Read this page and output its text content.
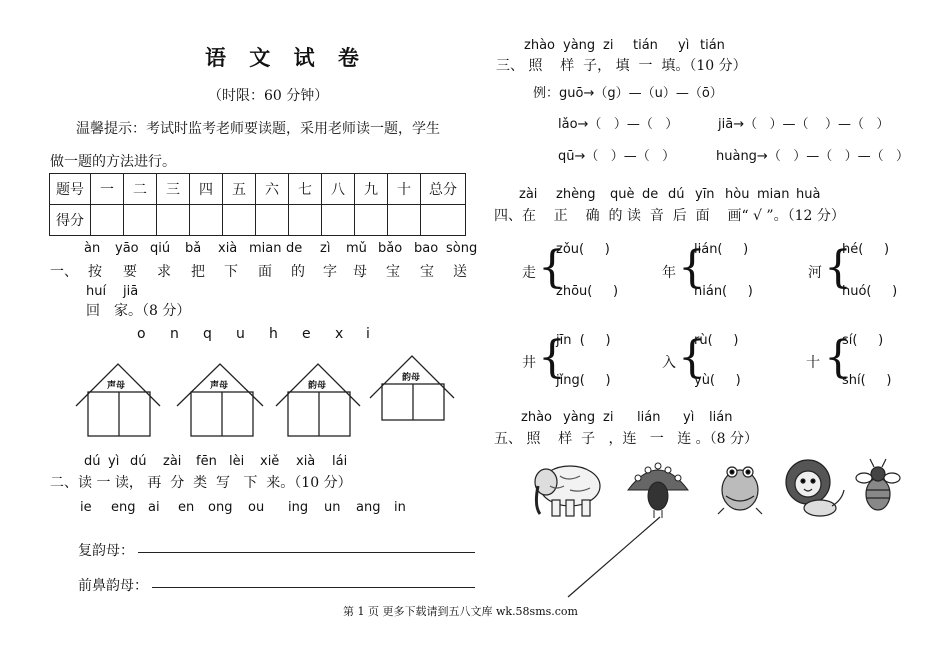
语 文 试 卷
（时限：60 分钟）
温馨提示：考试时监考老师要读题，采用老师读一题，学生
做一题的方法进行。
题号	一	二	三	四	五	六	七	八	九	十	总分
得分											
àn yāo qiú bǎ xià mian de zì mǔ bǎo bao sòng
一、 按 要 求 把 下 面 的 字 母 宝 宝 送
huí jiā
回　家。（8 分）
o n q u h e x i
声母	声母	韵母
韵母
dú yì dú zài fēn lèi xiě xià lái
二、读 一 读， 再  分  类  写   下  来。（10 分）
ie eng ai en ong ou ing un ang in
复韵母：
前鼻韵母：
zhào yàng zi tián yì tián
三、 照    样  子， 填  一  填。（10 分）
例：guō→（g）—（u）—（ō）
lǎo→（   ）—（   ）	jiā→（   ）—（    ）—（   ）
qū→（   ）—（   ）	huàng→（   ）—（   ）—（   ）
zài zhèng què de dú yīn hòu mian huà
四、在    正    确  的 读  音  后  面    画“ √ ”。（12 分）
走 {
zǒu(     )
zhōu(     )
年 {
lián(     )
nián(     )
河 {
hé(     )
huó(     )
井 {
jīn  (     )
jǐng(     )
入 {
rù(     )
yù(     )
十 {
sí(     )
shí(     )
zhào yàng zi lián yì lián
五、 照    样  子   ，连   一   连 。（8 分）
第 1 页 更多下载请到五八文库 wk.58sms.com
